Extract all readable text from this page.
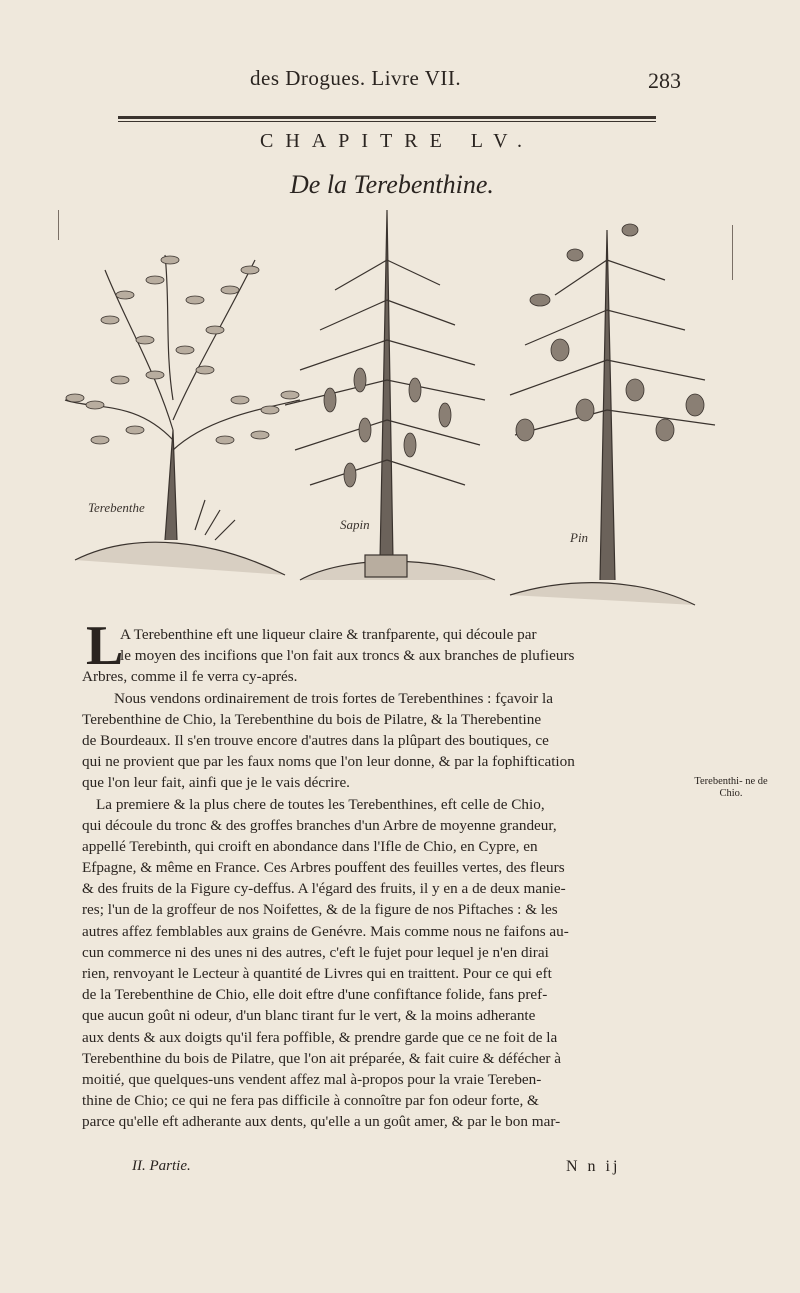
des Drogues. Livre VII.	283
CHAPITRE LV.
De la Terebenthine.
Terebenthe
Sapin
Pin
L
A Terebenthine eft une liqueur claire & tranfparente, qui découle par
le moyen des incifions que l'on fait aux troncs & aux branches de plufieurs
Arbres, comme il fe verra cy-aprés.
Nous vendons ordinairement de trois fortes de Terebenthines : fçavoir la
Terebenthine de Chio, la Terebenthine du bois de Pilatre, & la Therebentine
de Bourdeaux. Il s'en trouve encore d'autres dans la plûpart des boutiques, ce
qui ne provient que par les faux noms que l'on leur donne, & par la fophiftication
que l'on leur fait, ainfi que je le vais décrire.
La premiere & la plus chere de toutes les Terebenthines, eft celle de Chio,
qui découle du tronc & des groffes branches d'un Arbre de moyenne grandeur,
appellé Terebinth, qui croift en abondance dans l'Ifle de Chio, en Cypre, en
Efpagne, & même en France. Ces Arbres pouffent des feuilles vertes, des fleurs
& des fruits de la Figure cy-deffus. A l'égard des fruits, il y en a de deux manie-
res; l'un de la groffeur de nos Noifettes, & de la figure de nos Piftaches : & les
autres affez femblables aux grains de Genévre. Mais comme nous ne faifons au-
cun commerce ni des unes ni des autres, c'eft le fujet pour lequel je n'en dirai
rien, renvoyant le Lecteur à quantité de Livres qui en traittent. Pour ce qui eft
de la Terebenthine de Chio, elle doit eftre d'une confiftance folide, fans pref-
que aucun goût ni odeur, d'un blanc tirant fur le vert, & la moins adherante
aux dents & aux doigts qu'il fera poffible, & prendre garde que ce ne foit de la
Terebenthine du bois de Pilatre, que l'on ait préparée, & fait cuire & défécher à
moitié, que quelques-uns vendent affez mal à-propos pour la vraie Tereben-
thine de Chio; ce qui ne fera pas difficile à connoître par fon odeur forte, &
parce qu'elle eft adherante aux dents, qu'elle a un goût amer, & par le bon mar-
Terebenthi- ne de Chio.
II. Partie.	N n ij
